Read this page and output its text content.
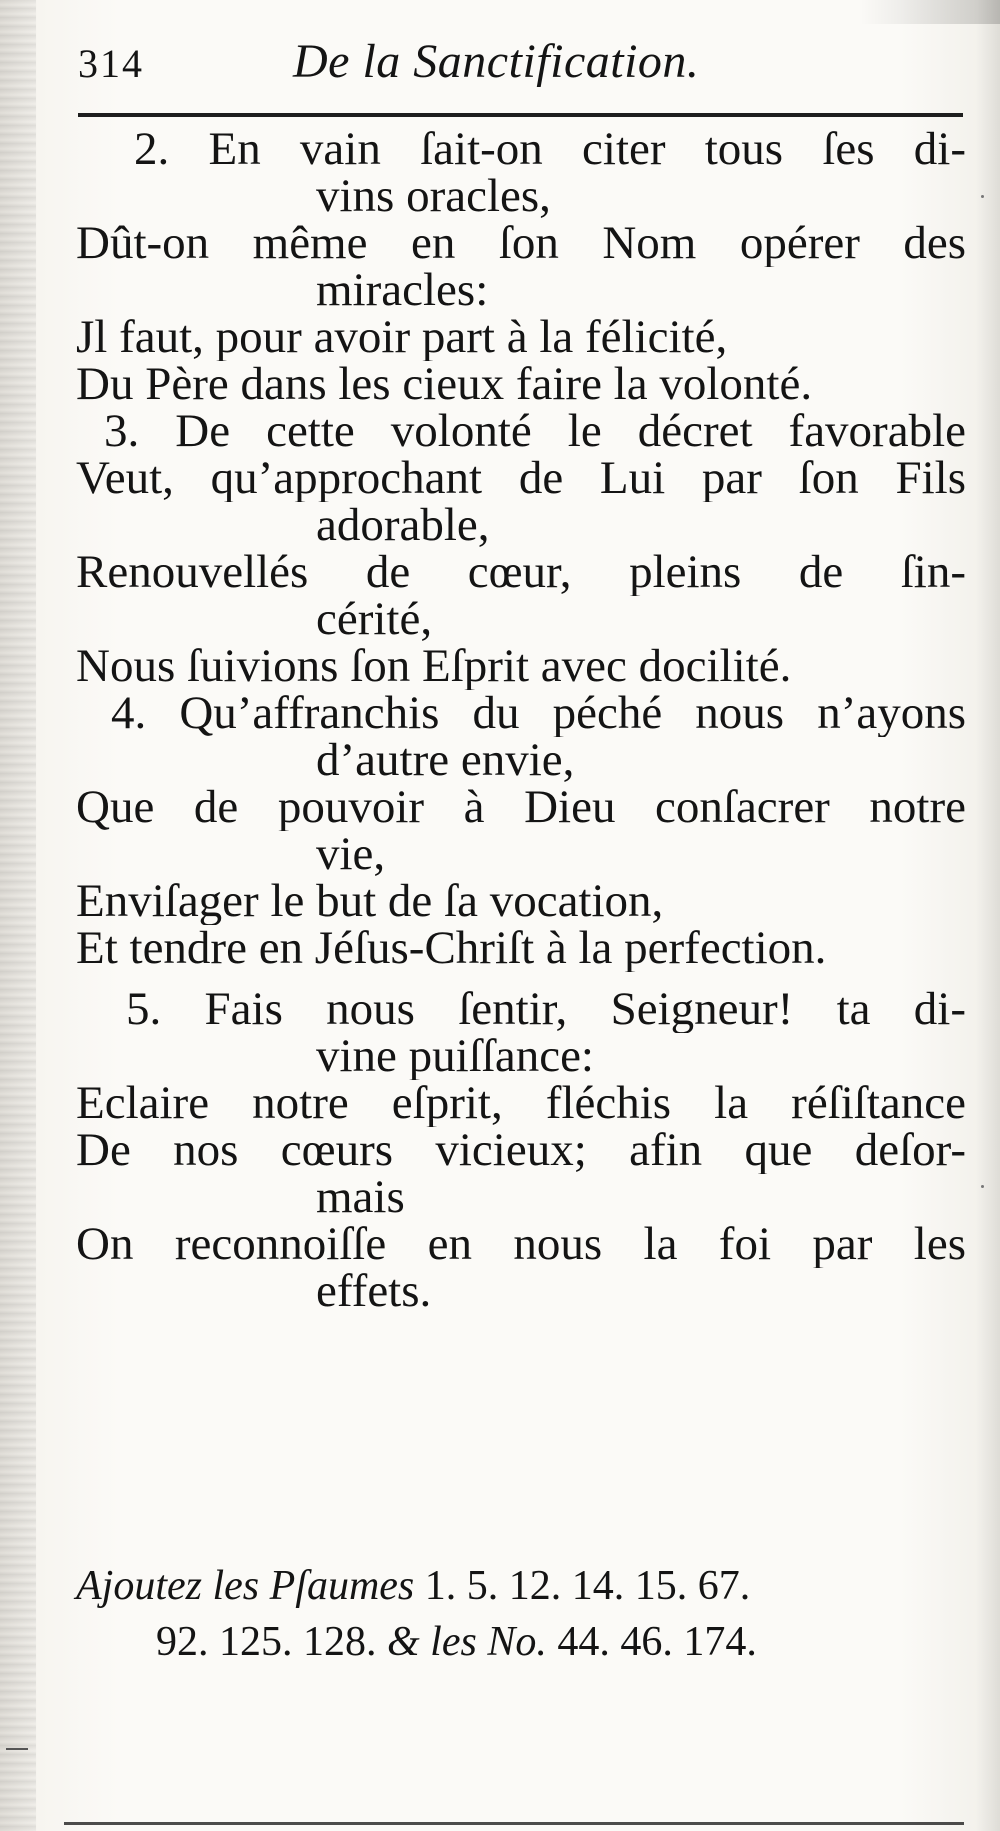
314	De la Sanctification.
2. En vain ſait-on citer tous ſes di-
vins oracles,
Dût-on même en ſon Nom opérer des
miracles:
Jl faut, pour avoir part à la félicité,
Du Père dans les cieux faire la volonté.
3. De cette volonté le décret favorable
Veut, qu’approchant de Lui par ſon Fils
adorable,
Renouvellés de cœur, pleins de ſin-
cérité,
Nous ſuivions ſon Eſprit avec docilité.
4. Qu’affranchis du péché nous n’ayons
d’autre envie,
Que de pouvoir à Dieu conſacrer notre
vie,
Enviſager le but de ſa vocation,
Et tendre en Jéſus-Chriſt à la perfection.
5. Fais nous ſentir, Seigneur! ta di-
vine puiſſance:
Eclaire notre eſprit, fléchis la réſiſtance
De nos cœurs vicieux; afin que deſor-
mais
On reconnoiſſe en nous la foi par les
effets.
Ajoutez les Pſaumes 1. 5. 12. 14. 15. 67.
92. 125. 128. & les No. 44. 46. 174.
